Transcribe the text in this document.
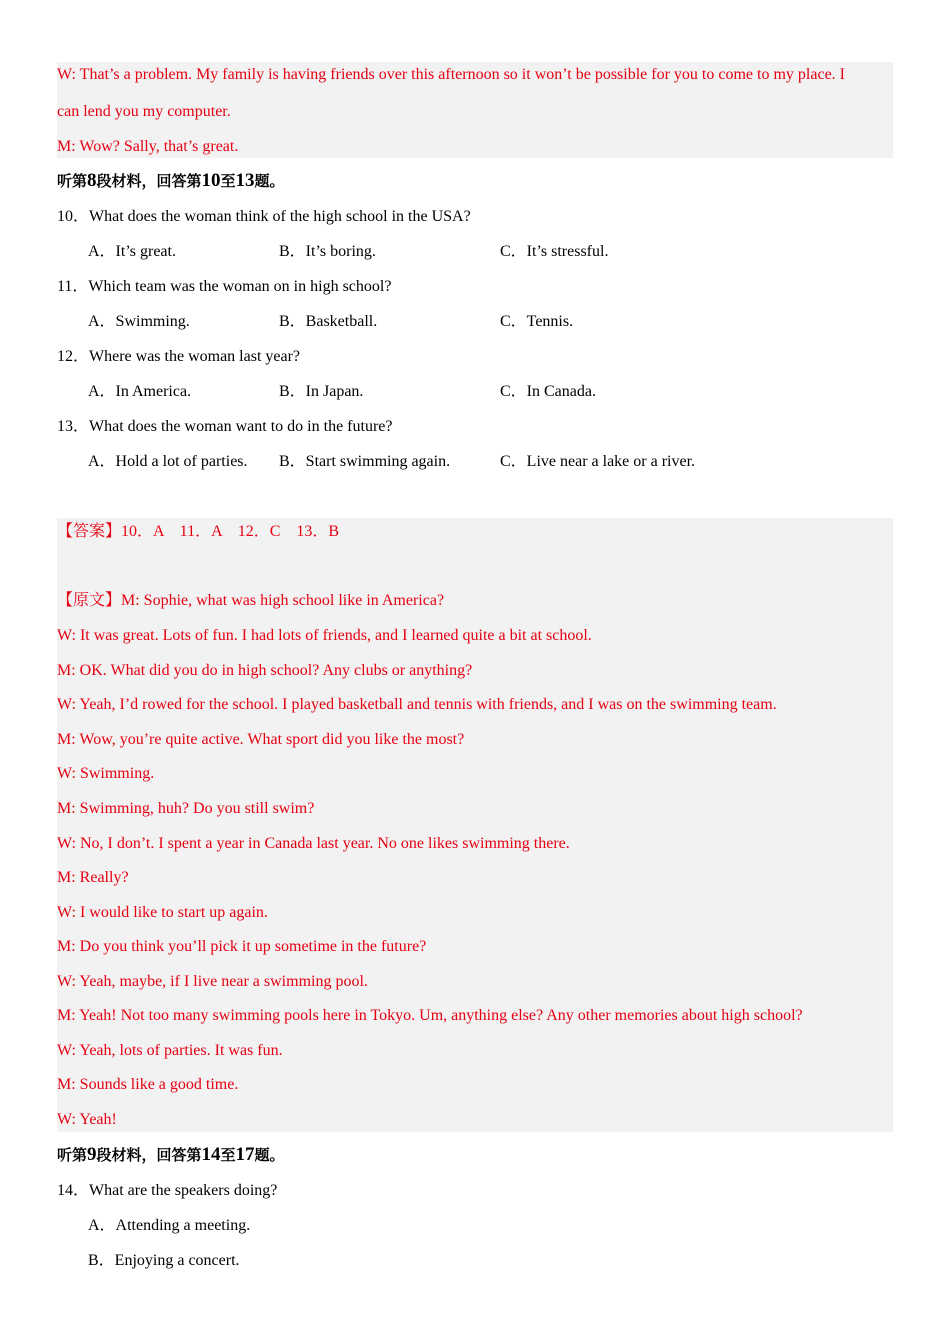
W: That’s a problem. My family is having friends over this afternoon so it won’t be possible for you to come to my place. I
can lend you my computer.
M: Wow? Sally, that’s great.
听第8段材料，回答第10至13题。
10．What does the woman think of the high school in the USA?
A．It’s great.	B．It’s boring.	C．It’s stressful.
11．Which team was the woman on in high school?
A．Swimming.	B．Basketball.	C．Tennis.
12．Where was the woman last year?
A．In America.	B．In Japan.	C．In Canada.
13．What does the woman want to do in the future?
A．Hold a lot of parties. B．Start swimming again.	C．Live near a lake or a river.
【答案】10．A　11．A　12．C　13．B
【原文】M: Sophie, what was high school like in America?
W: It was great. Lots of fun. I had lots of friends, and I learned quite a bit at school.
M: OK. What did you do in high school? Any clubs or anything?
W: Yeah, I’d rowed for the school. I played basketball and tennis with friends, and I was on the swimming team.
M: Wow, you’re quite active. What sport did you like the most?
W: Swimming.
M: Swimming, huh? Do you still swim?
W: No, I don’t. I spent a year in Canada last year. No one likes swimming there.
M: Really?
W: I would like to start up again.
M: Do you think you’ll pick it up sometime in the future?
W: Yeah, maybe, if I live near a swimming pool.
M: Yeah! Not too many swimming pools here in Tokyo. Um, anything else? Any other memories about high school?
W: Yeah, lots of parties. It was fun.
M: Sounds like a good time.
W: Yeah!
听第9段材料，回答第14至17题。
14．What are the speakers doing?
A．Attending a meeting.
B．Enjoying a concert.
